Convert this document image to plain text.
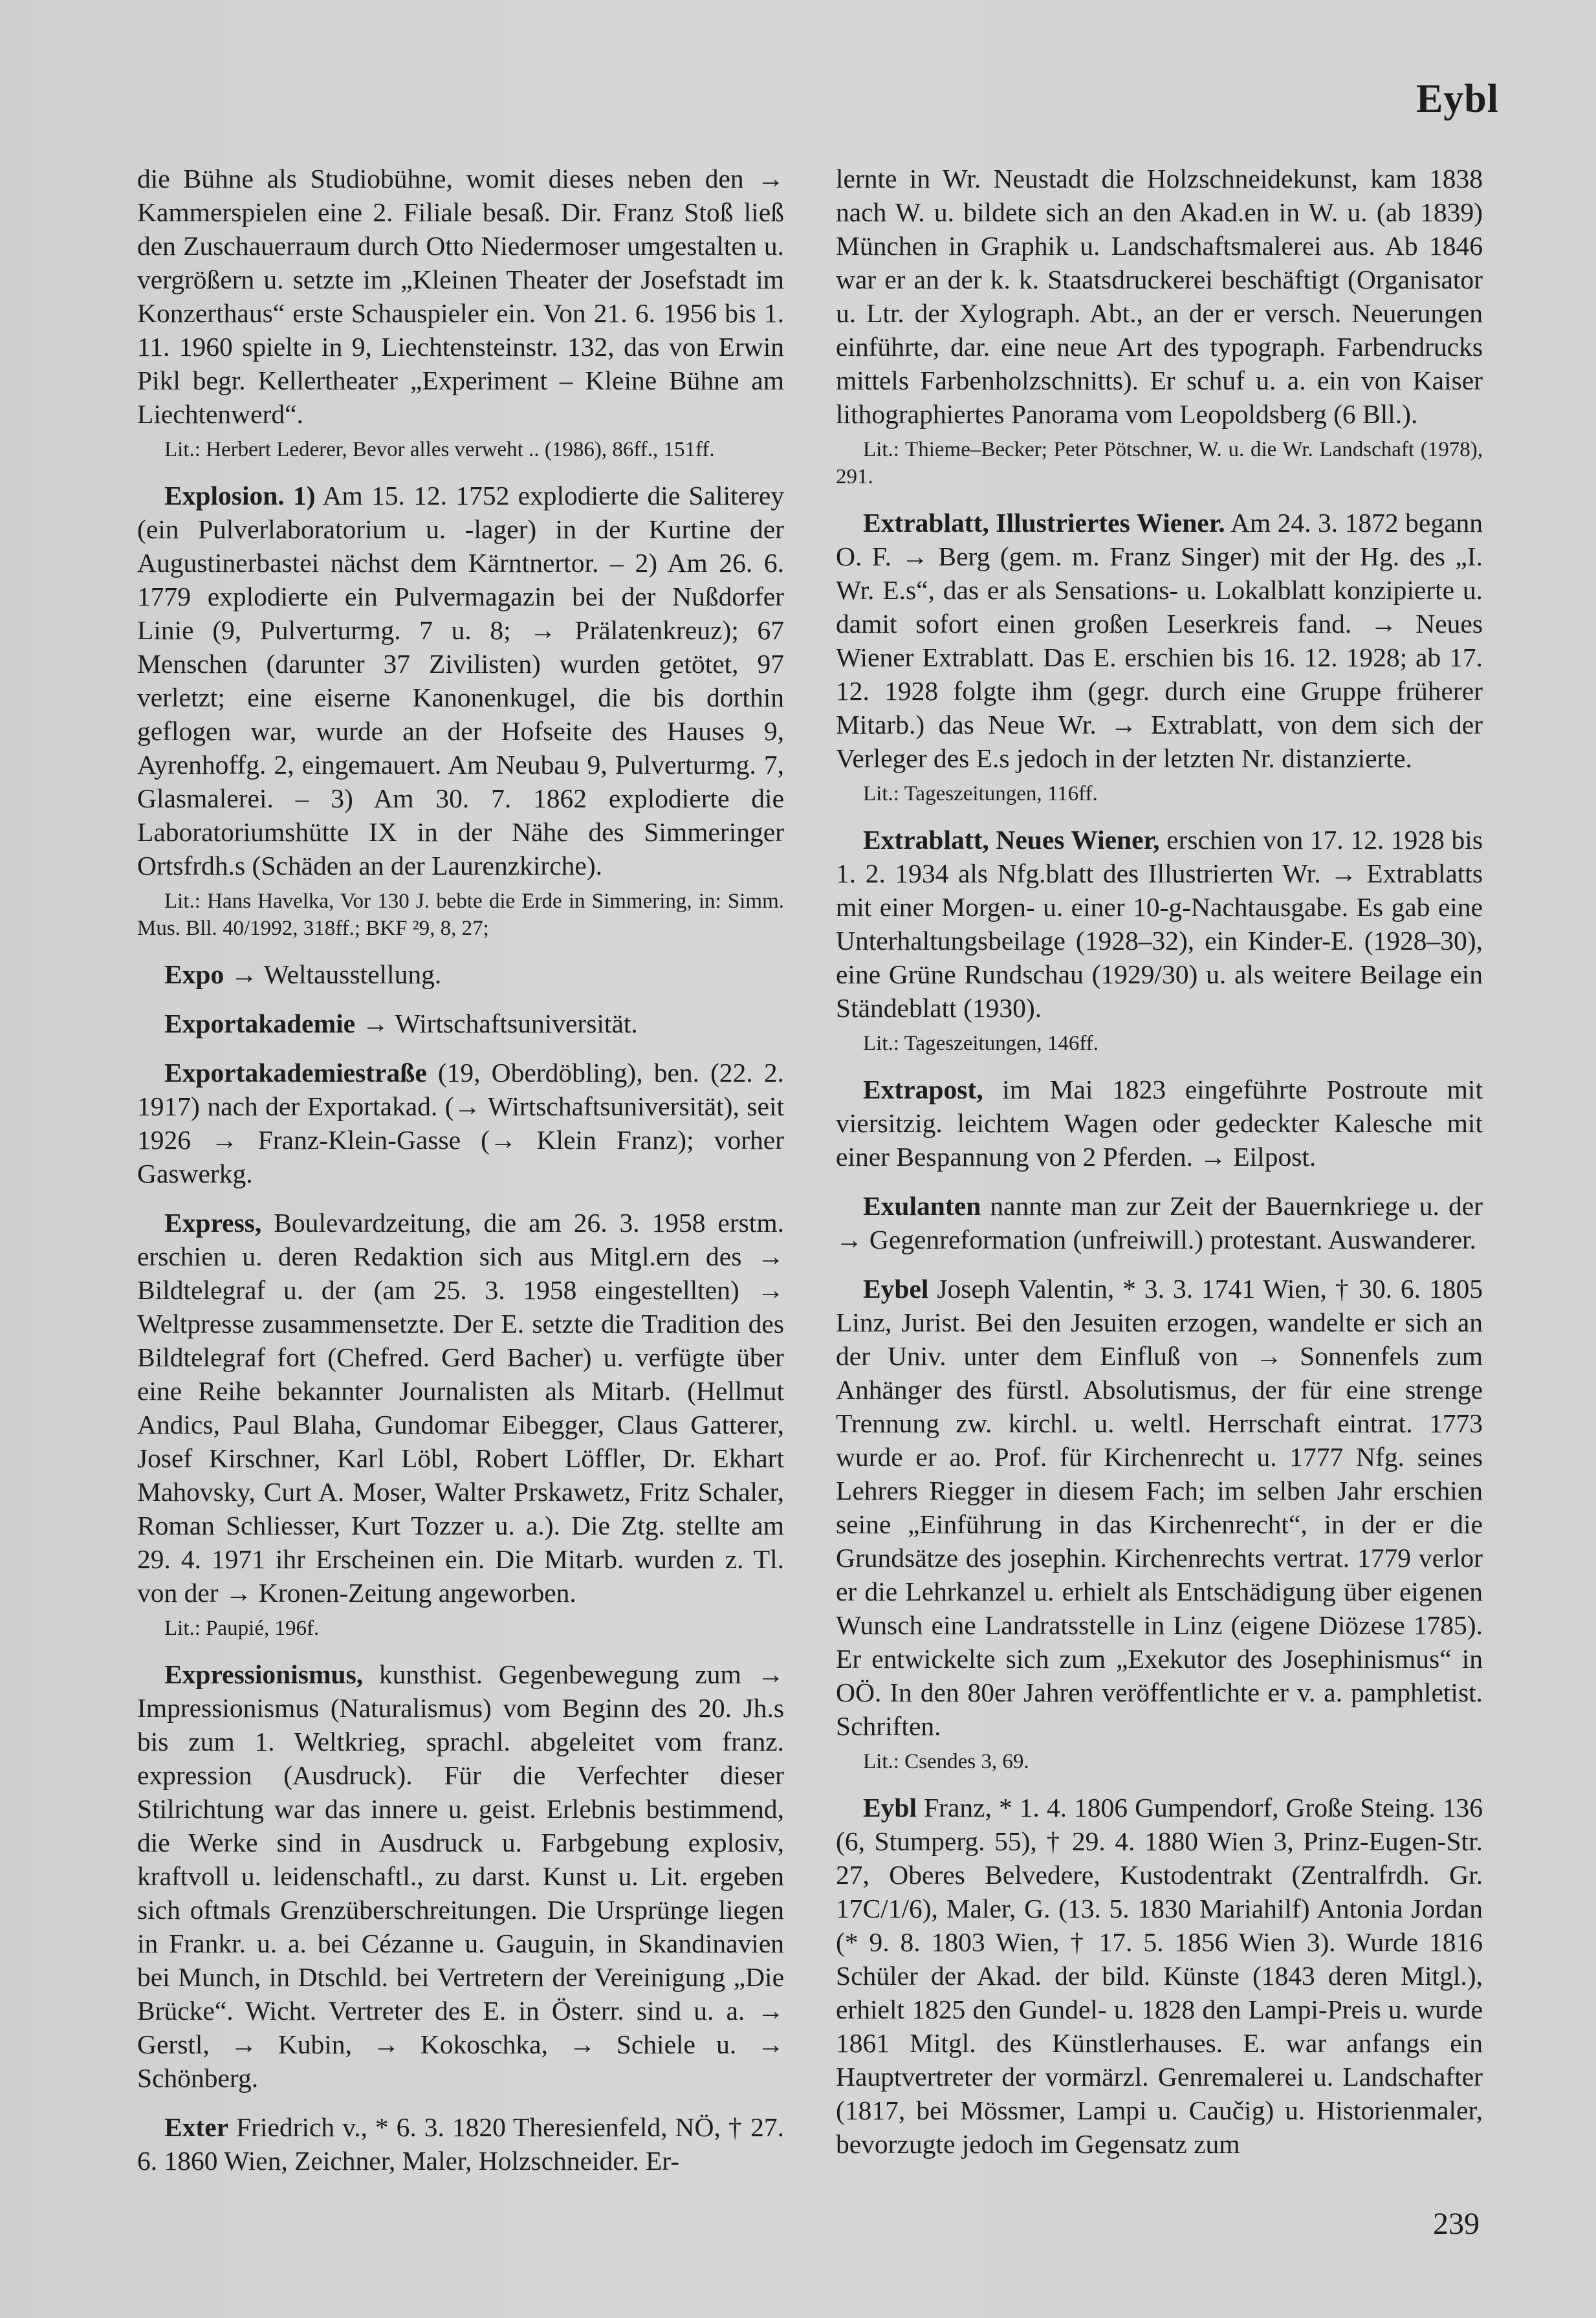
Eybl

die Bühne als Studiobühne, womit dieses neben den → Kammerspielen eine 2. Filiale besaß. Dir. Franz Stoß ließ den Zuschauerraum durch Otto Niedermoser umgestalten u. vergrößern u. setzte im „Kleinen Theater der Josefstadt im Konzerthaus“ erste Schauspieler ein. Von 21. 6. 1956 bis 1. 11. 1960 spielte in 9, Liechtensteinstr. 132, das von Erwin Pikl begr. Kellertheater „Experiment – Kleine Bühne am Liechtenwerd“.

Lit.: Herbert Lederer, Bevor alles verweht .. (1986), 86ff., 151ff.

Explosion. 1) Am 15. 12. 1752 explodierte die Saliterey (ein Pulverlaboratorium u. -lager) in der Kurtine der Augustinerbastei nächst dem Kärntnertor. – 2) Am 26. 6. 1779 explodierte ein Pulvermagazin bei der Nußdorfer Linie (9, Pulverturmg. 7 u. 8; → Prälatenkreuz); 67 Menschen (darunter 37 Zivilisten) wurden getötet, 97 verletzt; eine eiserne Kanonenkugel, die bis dorthin geflogen war, wurde an der Hofseite des Hauses 9, Ayrenhoffg. 2, eingemauert. Am Neubau 9, Pulverturmg. 7, Glasmalerei. – 3) Am 30. 7. 1862 explodierte die Laboratoriumshütte IX in der Nähe des Simmeringer Ortsfrdh.s (Schäden an der Laurenzkirche).

Lit.: Hans Havelka, Vor 130 J. bebte die Erde in Simmering, in: Simm. Mus. Bll. 40/1992, 318ff.; BKF ²9, 8, 27;

Expo → Weltausstellung.

Exportakademie → Wirtschaftsuniversität.

Exportakademiestraße (19, Oberdöbling), ben. (22. 2. 1917) nach der Exportakad. (→ Wirtschaftsuniversität), seit 1926 → Franz-Klein-Gasse (→ Klein Franz); vorher Gaswerkg.

Express, Boulevardzeitung, die am 26. 3. 1958 erstm. erschien u. deren Redaktion sich aus Mitgl.ern des → Bildtelegraf u. der (am 25. 3. 1958 eingestellten) → Weltpresse zusammensetzte. Der E. setzte die Tradition des Bildtelegraf fort (Chefred. Gerd Bacher) u. verfügte über eine Reihe bekannter Journalisten als Mitarb. (Hellmut Andics, Paul Blaha, Gundomar Eibegger, Claus Gatterer, Josef Kirschner, Karl Löbl, Robert Löffler, Dr. Ekhart Mahovsky, Curt A. Moser, Walter Prskawetz, Fritz Schaler, Roman Schliesser, Kurt Tozzer u. a.). Die Ztg. stellte am 29. 4. 1971 ihr Erscheinen ein. Die Mitarb. wurden z. Tl. von der → Kronen-Zeitung angeworben.

Lit.: Paupié, 196f.

Expressionismus, kunsthist. Gegenbewegung zum → Impressionismus (Naturalismus) vom Beginn des 20. Jh.s bis zum 1. Weltkrieg, sprachl. abgeleitet vom franz. expression (Ausdruck). Für die Verfechter dieser Stilrichtung war das innere u. geist. Erlebnis bestimmend, die Werke sind in Ausdruck u. Farbgebung explosiv, kraftvoll u. leidenschaftl., zu darst. Kunst u. Lit. ergeben sich oftmals Grenzüberschreitungen. Die Ursprünge liegen in Frankr. u. a. bei Cézanne u. Gauguin, in Skandinavien bei Munch, in Dtschld. bei Vertretern der Vereinigung „Die Brücke“. Wicht. Vertreter des E. in Österr. sind u. a. → Gerstl, → Kubin, → Kokoschka, → Schiele u. → Schönberg.

Exter Friedrich v., * 6. 3. 1820 Theresienfeld, NÖ, † 27. 6. 1860 Wien, Zeichner, Maler, Holzschneider. Er-

lernte in Wr. Neustadt die Holzschneidekunst, kam 1838 nach W. u. bildete sich an den Akad.en in W. u. (ab 1839) München in Graphik u. Landschaftsmalerei aus. Ab 1846 war er an der k. k. Staatsdruckerei beschäftigt (Organisator u. Ltr. der Xylograph. Abt., an der er versch. Neuerungen einführte, dar. eine neue Art des typograph. Farbendrucks mittels Farbenholzschnitts). Er schuf u. a. ein von Kaiser lithographiertes Panorama vom Leopoldsberg (6 Bll.).

Lit.: Thieme–Becker; Peter Pötschner, W. u. die Wr. Landschaft (1978), 291.

Extrablatt, Illustriertes Wiener. Am 24. 3. 1872 begann O. F. → Berg (gem. m. Franz Singer) mit der Hg. des „I. Wr. E.s“, das er als Sensations- u. Lokalblatt konzipierte u. damit sofort einen großen Leserkreis fand. → Neues Wiener Extrablatt. Das E. erschien bis 16. 12. 1928; ab 17. 12. 1928 folgte ihm (gegr. durch eine Gruppe früherer Mitarb.) das Neue Wr. → Extrablatt, von dem sich der Verleger des E.s jedoch in der letzten Nr. distanzierte.

Lit.: Tageszeitungen, 116ff.

Extrablatt, Neues Wiener, erschien von 17. 12. 1928 bis 1. 2. 1934 als Nfg.blatt des Illustrierten Wr. → Extrablatts mit einer Morgen- u. einer 10-g-Nachtausgabe. Es gab eine Unterhaltungsbeilage (1928–32), ein Kinder-E. (1928–30), eine Grüne Rundschau (1929/30) u. als weitere Beilage ein Ständeblatt (1930).

Lit.: Tageszeitungen, 146ff.

Extrapost, im Mai 1823 eingeführte Postroute mit viersitzig. leichtem Wagen oder gedeckter Kalesche mit einer Bespannung von 2 Pferden. → Eilpost.

Exulanten nannte man zur Zeit der Bauernkriege u. der → Gegenreformation (unfreiwill.) protestant. Auswanderer.

Eybel Joseph Valentin, * 3. 3. 1741 Wien, † 30. 6. 1805 Linz, Jurist. Bei den Jesuiten erzogen, wandelte er sich an der Univ. unter dem Einfluß von → Sonnenfels zum Anhänger des fürstl. Absolutismus, der für eine strenge Trennung zw. kirchl. u. weltl. Herrschaft eintrat. 1773 wurde er ao. Prof. für Kirchenrecht u. 1777 Nfg. seines Lehrers Riegger in diesem Fach; im selben Jahr erschien seine „Einführung in das Kirchenrecht“, in der er die Grundsätze des josephin. Kirchenrechts vertrat. 1779 verlor er die Lehrkanzel u. erhielt als Entschädigung über eigenen Wunsch eine Landratsstelle in Linz (eigene Diözese 1785). Er entwickelte sich zum „Exekutor des Josephinismus“ in OÖ. In den 80er Jahren veröffentlichte er v. a. pamphletist. Schriften.

Lit.: Csendes 3, 69.

Eybl Franz, * 1. 4. 1806 Gumpendorf, Große Steing. 136 (6, Stumperg. 55), † 29. 4. 1880 Wien 3, Prinz-Eugen-Str. 27, Oberes Belvedere, Kustodentrakt (Zentralfrdh. Gr. 17C/1/6), Maler, G. (13. 5. 1830 Mariahilf) Antonia Jordan (* 9. 8. 1803 Wien, † 17. 5. 1856 Wien 3). Wurde 1816 Schüler der Akad. der bild. Künste (1843 deren Mitgl.), erhielt 1825 den Gundel- u. 1828 den Lampi-Preis u. wurde 1861 Mitgl. des Künstlerhauses. E. war anfangs ein Hauptvertreter der vormärzl. Genremalerei u. Landschafter (1817, bei Mössmer, Lampi u. Caučig) u. Historienmaler, bevorzugte jedoch im Gegensatz zum

239
